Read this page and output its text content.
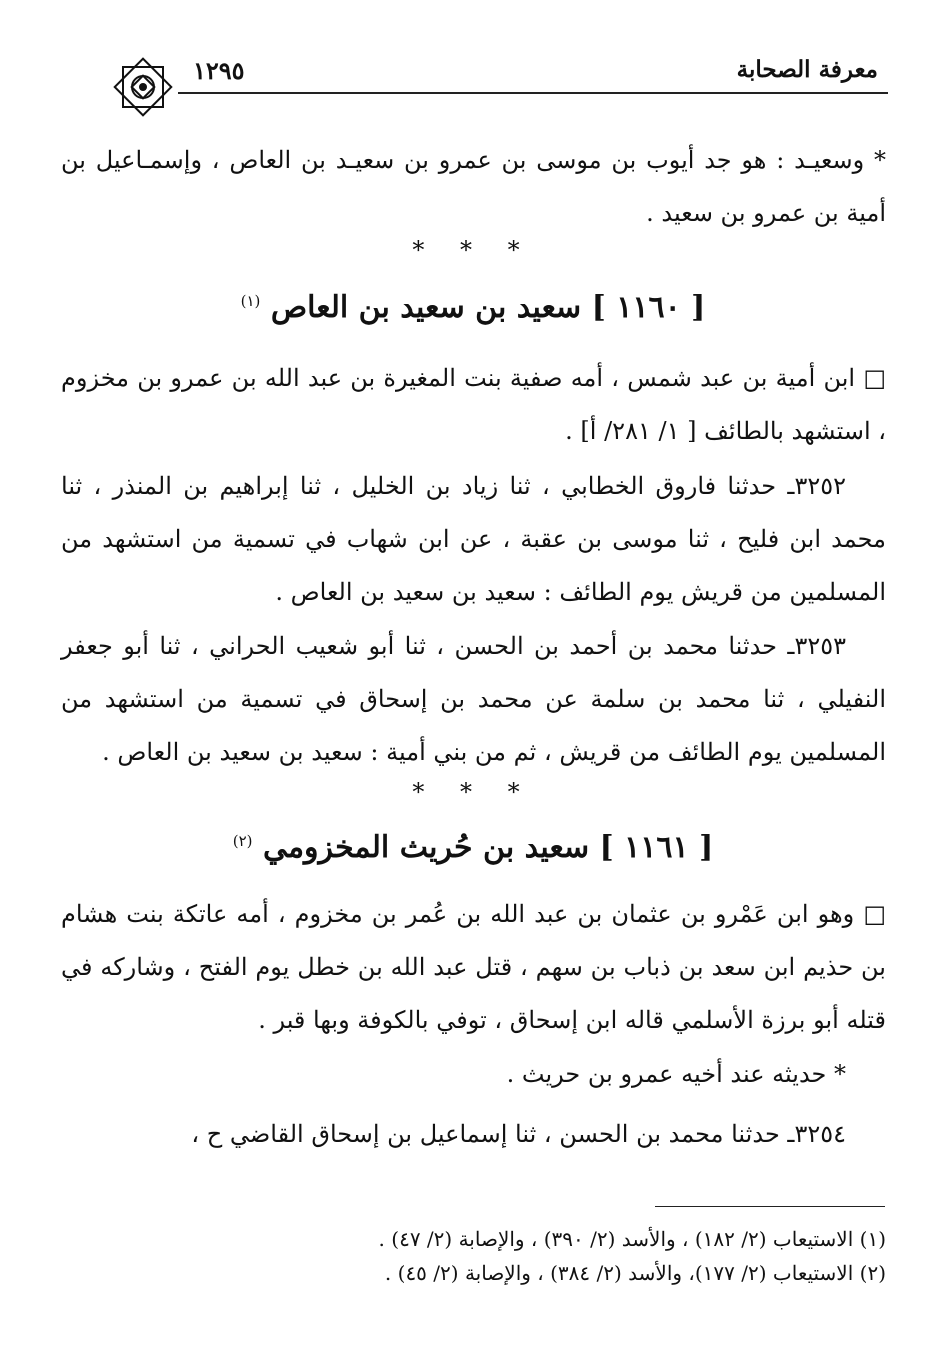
معرفة الصحابة
١٢٩٥
* وسعيـد : هو جد أيوب بن موسى بن عمرو بن سعيـد بن العاص ، وإسمـاعيل بن أمية بن عمرو بن سعيد .
* * *
[ ١١٦٠ ] سعيد بن سعيد بن العاص $^{(١)}$
□ ابن أمية بن عبد شمس ، أمه صفية بنت المغيرة بن عبد الله بن عمرو بن مخزوم ، استشهد بالطائف [ ١/ ٢٨١/ أ] .
٣٢٥٢ـ حدثنا فاروق الخطابي ، ثنا زياد بن الخليل ، ثنا إبراهيم بن المنذر ، ثنا محمد ابن فليح ، ثنا موسى بن عقبة ، عن ابن شهاب في تسمية من استشهد من المسلمين من قريش يوم الطائف : سعيد بن سعيد بن العاص .
٣٢٥٣ـ حدثنا محمد بن أحمد بن الحسن ، ثنا أبو شعيب الحراني ، ثنا أبو جعفر النفيلي ، ثنا محمد بن سلمة عن محمد بن إسحاق في تسمية من استشهد من المسلمين يوم الطائف من قريش ، ثم من بني أمية : سعيد بن سعيد بن العاص .
* * *
[ ١١٦١ ] سعيد بن حُريث المخزومي $^{(٢)}$
□ وهو ابن عَمْرو بن عثمان بن عبد الله بن عُمر بن مخزوم ، أمه عاتكة بنت هشام بن حذيم ابن سعد بن ذباب بن سهم ، قتل عبد الله بن خطل يوم الفتح ، وشاركه في قتله أبو برزة الأسلمي قاله ابن إسحاق ، توفي بالكوفة وبها قبر .
* حديثه عند أخيه عمرو بن حريث .
٣٢٥٤ـ حدثنا محمد بن الحسن ، ثنا إسماعيل بن إسحاق القاضي ح ،
(١) الاستيعاب (٢/ ١٨٢) ، والأسد (٢/ ٣٩٠) ، والإصابة (٢/ ٤٧) .
(٢) الاستيعاب (٢/ ١٧٧)، والأسد (٢/ ٣٨٤) ، والإصابة (٢/ ٤٥) .
